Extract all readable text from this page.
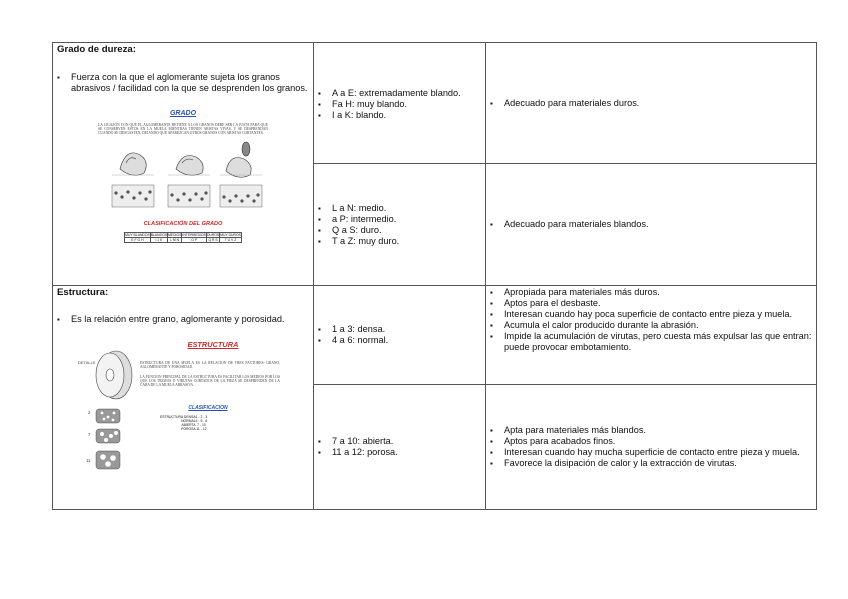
Grado de dureza:
▪ Fuerza con la que el aglomerante sujeta los granos abrasivos / facilidad con la que se desprenden los granos.
GRADO
LA LIGAZÓN CON QUE EL AGLOMERANTE RETIENE A LOS GRANOS DEBE SER LA JUSTA PARA QUE SE CONSERVEN ESTOS EN LA MUELA MIENTRAS TIENEN ARISTAS VIVAS, Y SE DESPRENDAN CUANDO SE DESGASTEN, DEJANDO QUE APAREZCAN OTROS GRANOS CON ARISTAS CORTANTES.
CLASIFICACIÓN DEL GRADO
MUY BLANDOS	BLANDOS	MEDIOS	INTERMEDIOS	DUROS	MUY DUROS
E F G H	I J K	L M N	O P	Q R S	T U V Z

▪ A a E: extremadamente blando.
▪ Fa H: muy blando.
▪ I a K: blando.

▪ Adecuado para materiales duros.

▪ L a N: medio.
▪ a P: intermedio.
▪ Q a S: duro.
▪ T a Z: muy duro.

▪ Adecuado para materiales blandos.

Estructura:
▪ Es la relación entre grano, aglomerante y porosidad.
ESTRUCTURA
DETALLE
2
7
11
ESTRUCTURA DE UNA MUELA ES LA RELACION DE TRES FACTORES: GRANO, AGLOMERANTE Y POROSIDAD.
LA FUNCION PRINCIPAL DE LA ESTRUCTURA ES FACILITAR LOS MEDIOS POR LOS QUE LOS TROZOS O VIRUTAS CORTADOS DE LA PIEZA SE DESPRENDEN DE LA CARA DE LA MUELA ABRASIVA.
CLASIFICACION
ESTRUCTURA DENSA	1 - 2 - 3
NORMAL	4 - 5 - 6
ABIERTA	7 - 10
POROSA	11 - 12

▪ 1 a 3: densa.
▪ 4 a 6: normal.

▪ Apropiada para materiales más duros.
▪ Aptos para el desbaste.
▪ Interesan cuando hay poca superficie de contacto entre pieza y muela.
▪ Acumula el calor producido durante la abrasión.
▪ Impide la acumulación de virutas, pero cuesta más expulsar las que entran: puede provocar embotamiento.

▪ 7 a 10: abierta.
▪ 11 a 12: porosa.

▪ Apta para materiales más blandos.
▪ Aptos para acabados finos.
▪ Interesan cuando hay mucha superficie de contacto entre pieza y muela.
▪ Favorece la disipación de calor y la extracción de virutas.
